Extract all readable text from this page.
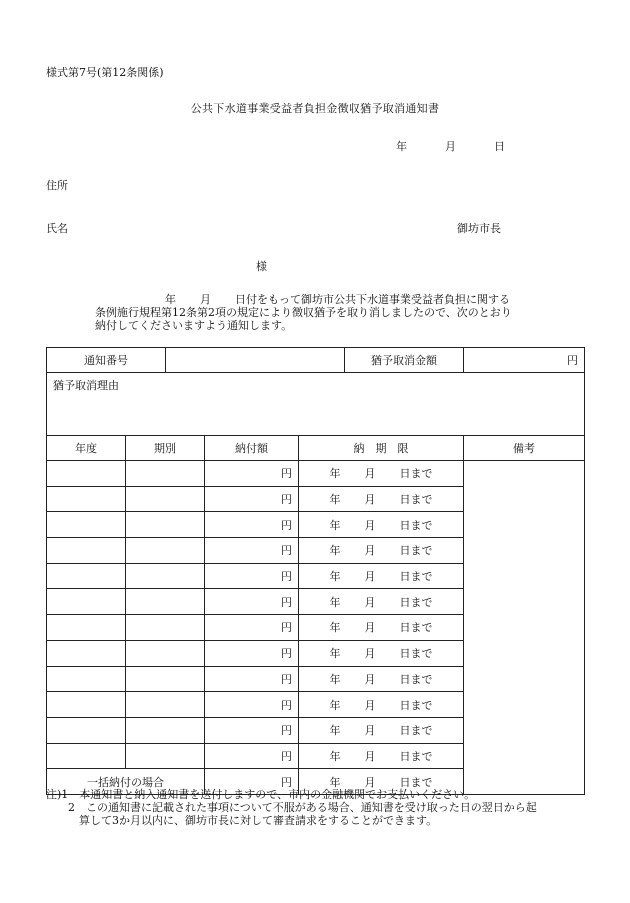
様式第7号(第12条関係)
公共下水道事業受益者負担金徴収猶予取消通知書
年	月	日
住所
氏名	御坊市長
様

年 月 日付をもって御坊市公共下水道事業受益者負担に関する

条例施行規程第12条第2項の規定により徴収猶予を取り消しましたので、次のとおり

納付してくださいますよう通知します。

通知番号					猶予取消金額	円
猶予取消理由						
年度	期別		納付額	納　期　限		備考
			円	年 月 日まで		
			円	年 月 日まで		
			円	年 月 日まで		
			円	年 月 日まで		
			円	年 月 日まで		
			円	年 月 日まで		
			円	年 月 日まで		
			円	年 月 日まで		
			円	年 月 日まで		
			円	年 月 日まで		
			円	年 月 日まで		
			円	年 月 日まで		
一括納付の場合			円	年 月 日まで		

注)1　本通知書と納入通知書を送付しますので、市内の金融機関でお支払いください。

　　2　この通知書に記載された事項について不服がある場合、通知書を受け取った日の翌日から起

　　　算して3か月以内に、御坊市長に対して審査請求をすることができます。
